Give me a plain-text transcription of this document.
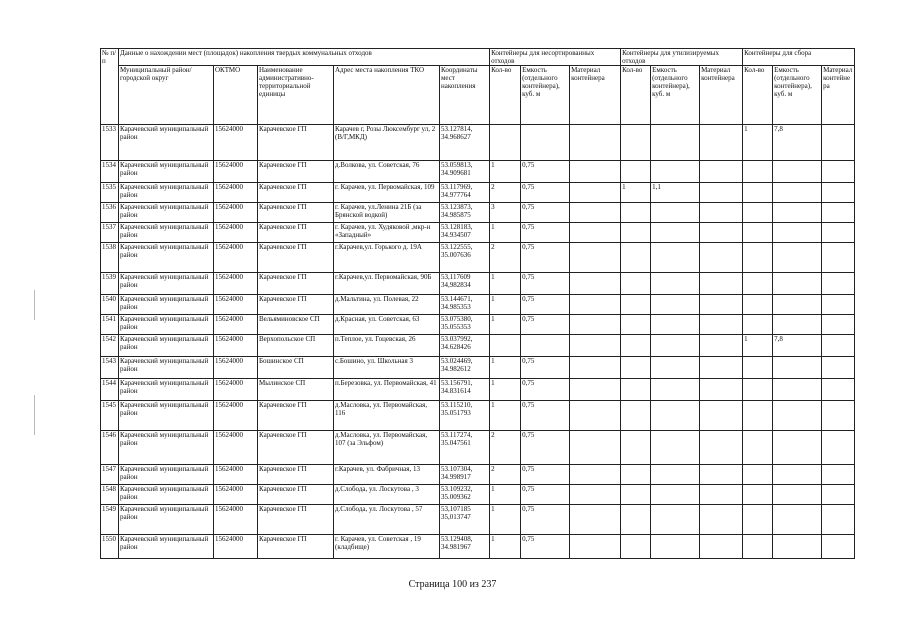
№ п/п	Данные о нахождении мест (площадок) накопления твердых коммунальных отходов					Контейнеры для несортированных отходов			Контейнеры для утилизируемых отходов			Контейнеры для сбора		
	Муниципальный район/городской округ	ОКТМО	Наименование административно-территориальной единицы	Адрес места накопления ТКО	Координаты мест накопления	Кол-во	Емкость (отдельного контейнера), куб. м	Материал контейнера	Кол-во	Емкость (отдельного контейнера), куб. м	Материал контейнера	Кол-во	Емкость (отдельного контейнера), куб. м	Материал контейнера
1533	Карачевский муниципальный район	15624000	Карачевское ГП	Карачев г, Розы Люксембург ул, 2 (В/Г,МКД)	53.127814, 34.968627							1	7,8	
1534	Карачевский муниципальный район	15624000	Карачевское ГП	д.Волкова, ул. Советская, 76	53.059813, 34.909681	1	0,75							
1535	Карачевский муниципальный район	15624000	Карачевское ГП	г. Карачев, ул. Первомайская, 109	53.117969, 34.977764	2	0,75		1	1,1				
1536	Карачевский муниципальный район	15624000	Карачевское ГП	г. Карачев, ул.Ленина 21Б (за Брянской водкой)	53.123873, 34.985875	3	0,75							
1537	Карачевский муниципальный район	15624000	Карачевское ГП	г. Карачев, ул. Худяковой ,мкр-н «Западный»	53.128183, 34.934507	1	0,75							
1538	Карачевский муниципальный район	15624000	Карачевское ГП	г.Карачев,ул. Горького д. 19А	53.122555, 35.007636	2	0,75							
1539	Карачевский муниципальный район	15624000	Карачевское ГП	г.Карачев,ул. Первомайская, 90Б	53,117609 34,982834	1	0,75							
1540	Карачевский муниципальный район	15624000	Карачевское ГП	д.Мальтина, ул. Полевая, 22	53.144671, 34.985353	1	0,75							
1541	Карачевский муниципальный район	15624000	Вельяминовское СП	д.Красная, ул. Советская, 63	53.075380, 35.055353	1	0,75							
1542	Карачевский муниципальный район	15624000	Верхопольское СП	п.Теплое, ул. Гоцевская, 26	53.037992, 34.628426							1	7,8	
1543	Карачевский муниципальный район	15624000	Бошинское СП	с.Бошино, ул. Школьная 3	53.024469, 34.982612	1	0,75							
1544	Карачевский муниципальный район	15624000	Мылинское СП	п.Березовка, ул. Первомайская, 41	53.156791, 34.831614	1	0,75							
1545	Карачевский муниципальный район	15624000	Карачевское ГП	д.Масловка, ул. Первомайская, 116	53.115210, 35.051793	1	0,75							
1546	Карачевский муниципальный район	15624000	Карачевское ГП	д.Масловка, ул. Первомайская, 107 (за Эльфом)	53.117274, 35.047561	2	0,75							
1547	Карачевский муниципальный район	15624000	Карачевское ГП	г.Карачев, ул. Фабричная, 13	53.107304, 34.998917	2	0,75							
1548	Карачевский муниципальный район	15624000	Карачевское ГП	д.Слобода, ул. Лоскутова , 3	53.109232, 35.009362	1	0,75							
1549	Карачевский муниципальный район	15624000	Карачевское ГП	д.Слобода, ул. Лоскутова , 57	53,107185 35,013747	1	0,75							
1550	Карачевский муниципальный район	15624000	Карачевское ГП	г. Карачев, ул. Советская , 19 (кладбище)	53.129408, 34.981967	1	0,75							
Страница 100 из 237
